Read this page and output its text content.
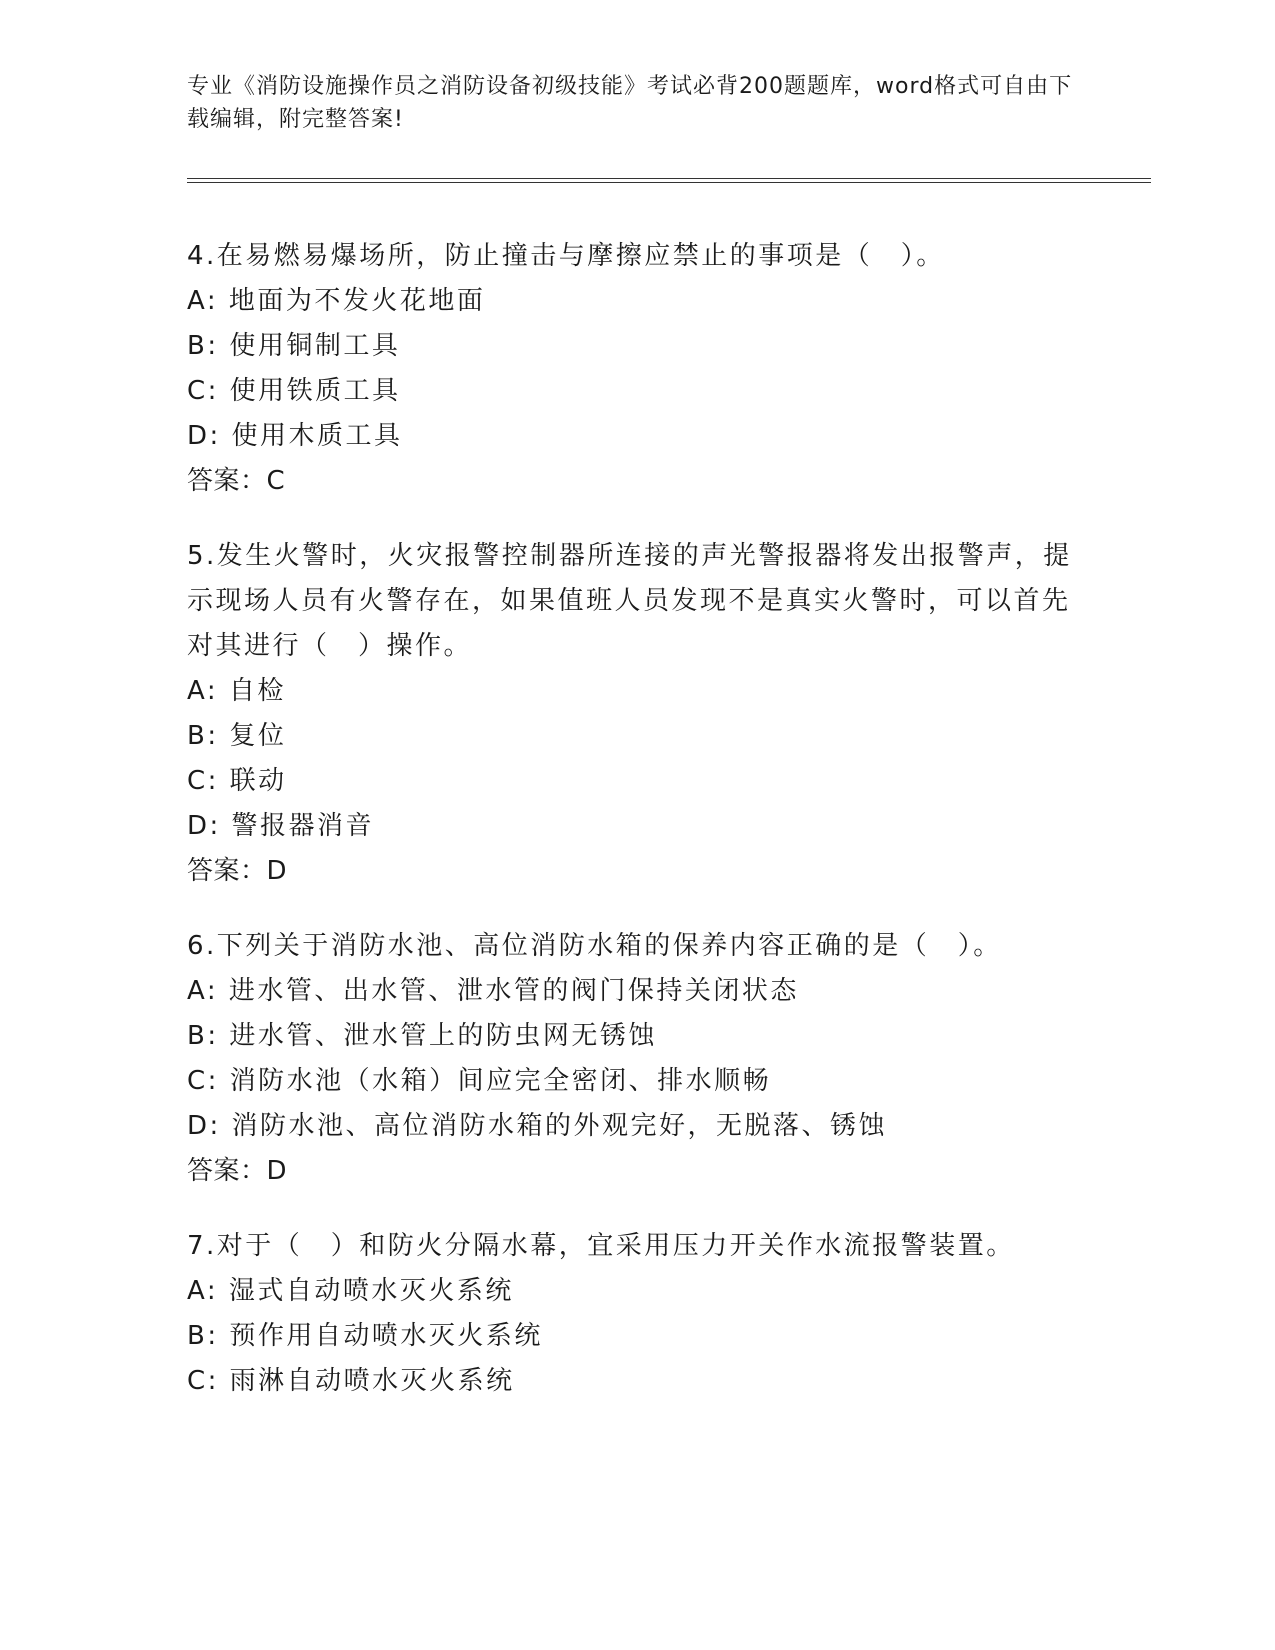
专业《消防设施操作员之消防设备初级技能》考试必背200题题库，word格式可自由下载编辑，附完整答案!

4.在易燃易爆场所，防止撞击与摩擦应禁止的事项是（　）。

A: 地面为不发火花地面

B: 使用铜制工具

C: 使用铁质工具

D: 使用木质工具

答案：C

5.发生火警时，火灾报警控制器所连接的声光警报器将发出报警声，提示现场人员有火警存在，如果值班人员发现不是真实火警时，可以首先对其进行（　）操作。

A: 自检

B: 复位

C: 联动

D: 警报器消音

答案：D

6.下列关于消防水池、高位消防水箱的保养内容正确的是（　）。

A: 进水管、出水管、泄水管的阀门保持关闭状态

B: 进水管、泄水管上的防虫网无锈蚀

C: 消防水池（水箱）间应完全密闭、排水顺畅

D: 消防水池、高位消防水箱的外观完好，无脱落、锈蚀

答案：D

7.对于（　）和防火分隔水幕，宜采用压力开关作水流报警装置。

A: 湿式自动喷水灭火系统

B: 预作用自动喷水灭火系统

C: 雨淋自动喷水灭火系统
